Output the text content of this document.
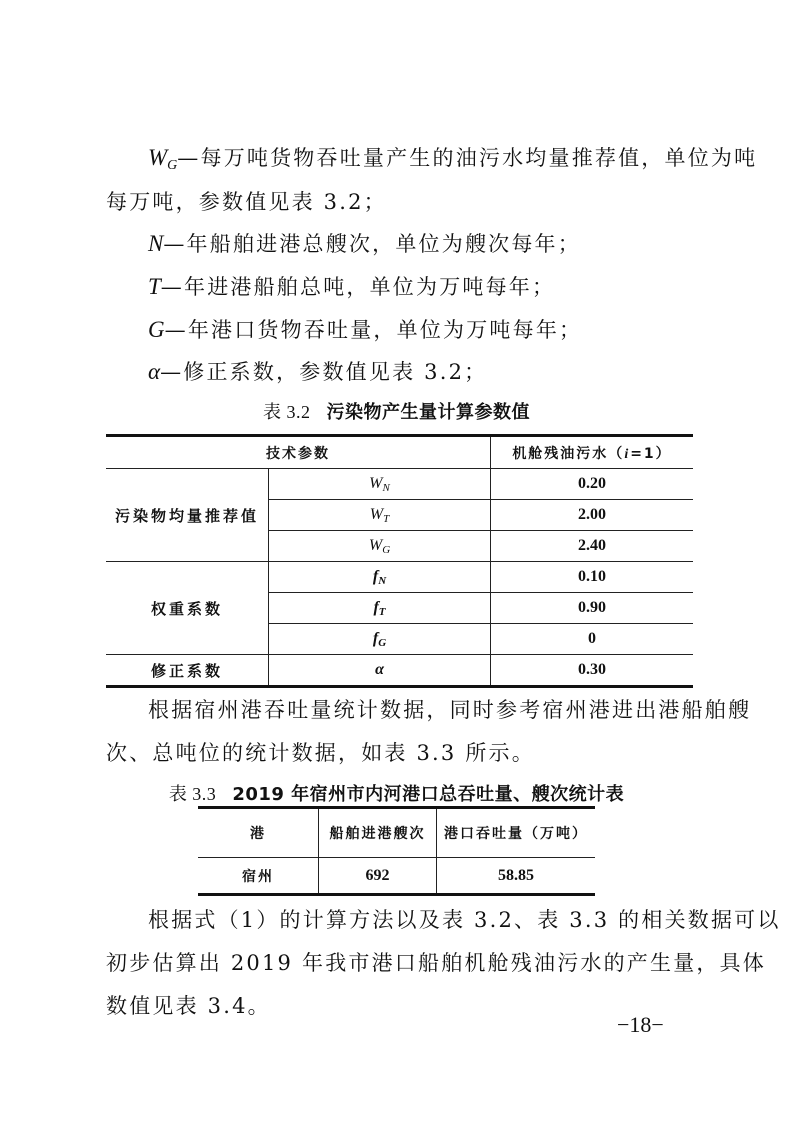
$W_G—$每万吨货物吞吐量产生的油污水均量推荐值，单位为吨
每万吨，参数值见表 3.2；
N—年船舶进港总艘次，单位为艘次每年；
T—年进港船舶总吨，单位为万吨每年；
G—年港口货物吞吐量，单位为万吨每年；
α—修正系数，参数值见表 3.2；
表 3.2 污染物产生量计算参数值
技术参数		机舱残油污水（i=1）
污染物均量推荐值	$W_N$	0.20
	$W_T$	2.00
	$W_G$	2.40
权重系数	$f_N$	0.10
	$f_T$	0.90
	$f_G$	0
修正系数	α	0.30
根据宿州港吞吐量统计数据，同时参考宿州港进出港船舶艘
次、总吨位的统计数据，如表 3.3 所示。
表 3.3 2019 年宿州市内河港口总吞吐量、艘次统计表
港	船舶进港艘次	港口吞吐量（万吨）
宿州	692	58.85
根据式（1）的计算方法以及表 3.2、表 3.3 的相关数据可以
初步估算出 2019 年我市港口船舶机舱残油污水的产生量，具体
数值见表 3.4。
−18−
